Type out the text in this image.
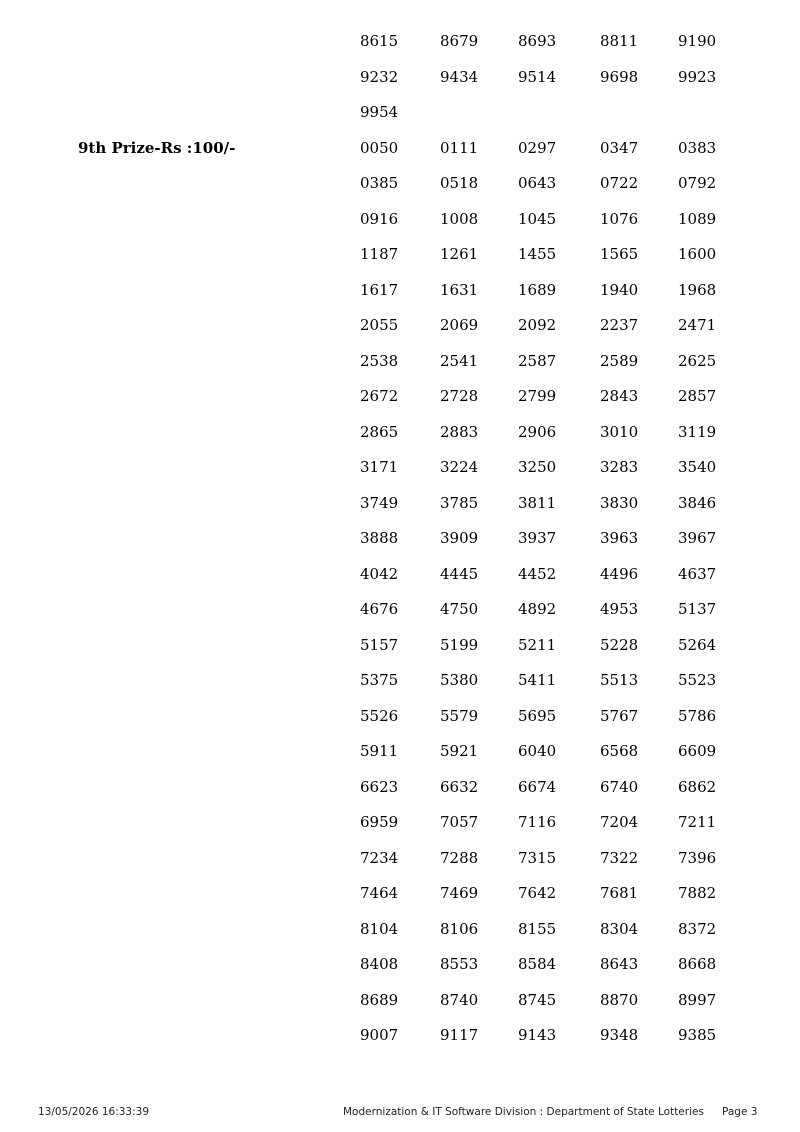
13/05/2026 16:33:39	Modernization & IT Software Division : Department of State Lotteries Page 3
8615	8679	8693	8811	9190
9232	9434	9514	9698	9923
9954
9th Prize-Rs :100/-	0050	0111	0297	0347	0383
0385	0518	0643	0722	0792
0916	1008	1045	1076	1089
1187	1261	1455	1565	1600
1617	1631	1689	1940	1968
2055	2069	2092	2237	2471
2538	2541	2587	2589	2625
2672	2728	2799	2843	2857
2865	2883	2906	3010	3119
3171	3224	3250	3283	3540
3749	3785	3811	3830	3846
3888	3909	3937	3963	3967
4042	4445	4452	4496	4637
4676	4750	4892	4953	5137
5157	5199	5211	5228	5264
5375	5380	5411	5513	5523
5526	5579	5695	5767	5786
5911	5921	6040	6568	6609
6623	6632	6674	6740	6862
6959	7057	7116	7204	7211
7234	7288	7315	7322	7396
7464	7469	7642	7681	7882
8104	8106	8155	8304	8372
8408	8553	8584	8643	8668
8689	8740	8745	8870	8997
9007	9117	9143	9348	9385
